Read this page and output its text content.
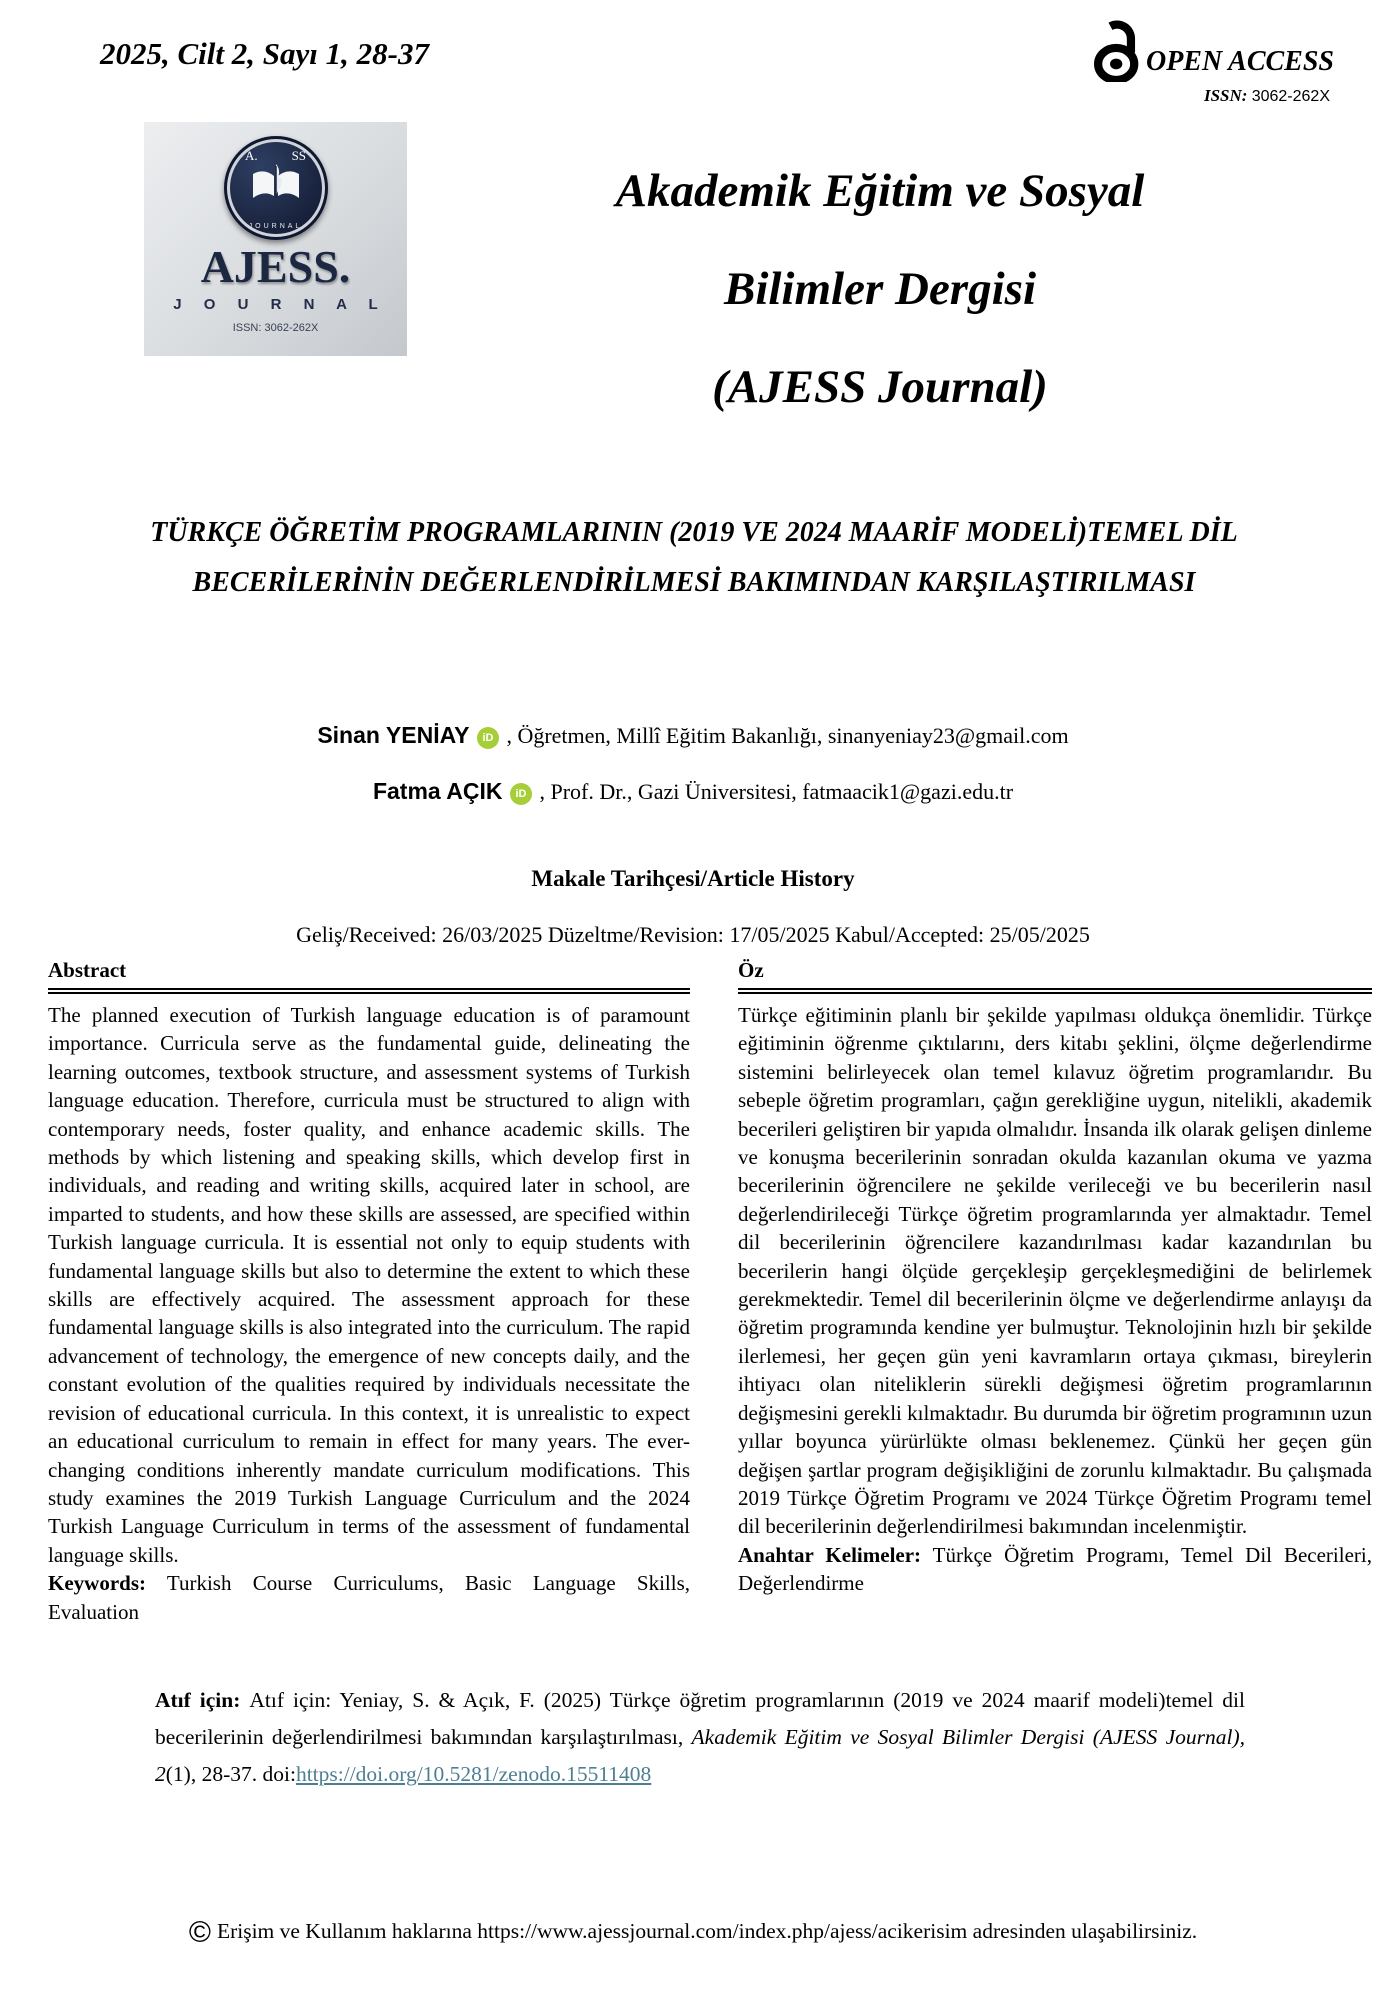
2025, Cilt 2, Sayı 1, 28-37	OPEN ACCESS
ISSN: 3062-262X
A.	SS
JOURNAL
AJESS.
J O U R N A L
ISSN: 3062-262X
Akademik Eğitim ve Sosyal
Bilimler Dergisi
(AJESS Journal)
TÜRKÇE ÖĞRETİM PROGRAMLARININ (2019 VE 2024 MAARİF MODELİ)TEMEL DİL
BECERİLERİNİN DEĞERLENDİRİLMESİ BAKIMINDAN KARŞILAŞTIRILMASI
Sinan YENİAY iD , Öğretmen, Millî Eğitim Bakanlığı, sinanyeniay23@gmail.com
Fatma AÇIK iD , Prof. Dr., Gazi Üniversitesi, fatmaacik1@gazi.edu.tr
Makale Tarihçesi/Article History
Geliş/Received: 26/03/2025 Düzeltme/Revision: 17/05/2025 Kabul/Accepted: 25/05/2025
Abstract
The planned execution of Turkish language education is of paramount importance. Curricula serve as the fundamental guide, delineating the learning outcomes, textbook structure, and assessment systems of Turkish language education. Therefore, curricula must be structured to align with contemporary needs, foster quality, and enhance academic skills. The methods by which listening and speaking skills, which develop first in individuals, and reading and writing skills, acquired later in school, are imparted to students, and how these skills are assessed, are specified within Turkish language curricula. It is essential not only to equip students with fundamental language skills but also to determine the extent to which these skills are effectively acquired. The assessment approach for these fundamental language skills is also integrated into the curriculum. The rapid advancement of technology, the emergence of new concepts daily, and the constant evolution of the qualities required by individuals necessitate the revision of educational curricula. In this context, it is unrealistic to expect an educational curriculum to remain in effect for many years. The ever-changing conditions inherently mandate curriculum modifications. This study examines the 2019 Turkish Language Curriculum and the 2024 Turkish Language Curriculum in terms of the assessment of fundamental language skills.
Keywords: Turkish Course Curriculums, Basic Language Skills, Evaluation
Öz
Türkçe eğitiminin planlı bir şekilde yapılması oldukça önemlidir. Türkçe eğitiminin öğrenme çıktılarını, ders kitabı şeklini, ölçme değerlendirme sistemini belirleyecek olan temel kılavuz öğretim programlarıdır. Bu sebeple öğretim programları, çağın gerekliğine uygun, nitelikli, akademik becerileri geliştiren bir yapıda olmalıdır. İnsanda ilk olarak gelişen dinleme ve konuşma becerilerinin sonradan okulda kazanılan okuma ve yazma becerilerinin öğrencilere ne şekilde verileceği ve bu becerilerin nasıl değerlendirileceği Türkçe öğretim programlarında yer almaktadır. Temel dil becerilerinin öğrencilere kazandırılması kadar kazandırılan bu becerilerin hangi ölçüde gerçekleşip gerçekleşmediğini de belirlemek gerekmektedir. Temel dil becerilerinin ölçme ve değerlendirme anlayışı da öğretim programında kendine yer bulmuştur. Teknolojinin hızlı bir şekilde ilerlemesi, her geçen gün yeni kavramların ortaya çıkması, bireylerin ihtiyacı olan niteliklerin sürekli değişmesi öğretim programlarının değişmesini gerekli kılmaktadır. Bu durumda bir öğretim programının uzun yıllar boyunca yürürlükte olması beklenemez. Çünkü her geçen gün değişen şartlar program değişikliğini de zorunlu kılmaktadır. Bu çalışmada 2019 Türkçe Öğretim Programı ve 2024 Türkçe Öğretim Programı temel dil becerilerinin değerlendirilmesi bakımından incelenmiştir.
Anahtar Kelimeler: Türkçe Öğretim Programı, Temel Dil Becerileri, Değerlendirme
Atıf için: Atıf için: Yeniay, S. & Açık, F. (2025) Türkçe öğretim programlarının (2019 ve 2024 maarif modeli)temel dil becerilerinin değerlendirilmesi bakımından karşılaştırılması, Akademik Eğitim ve Sosyal Bilimler Dergisi (AJESS Journal), 2(1), 28-37. doi:https://doi.org/10.5281/zenodo.15511408
© Erişim ve Kullanım haklarına https://www.ajessjournal.com/index.php/ajess/acikerisim adresinden ulaşabilirsiniz.
